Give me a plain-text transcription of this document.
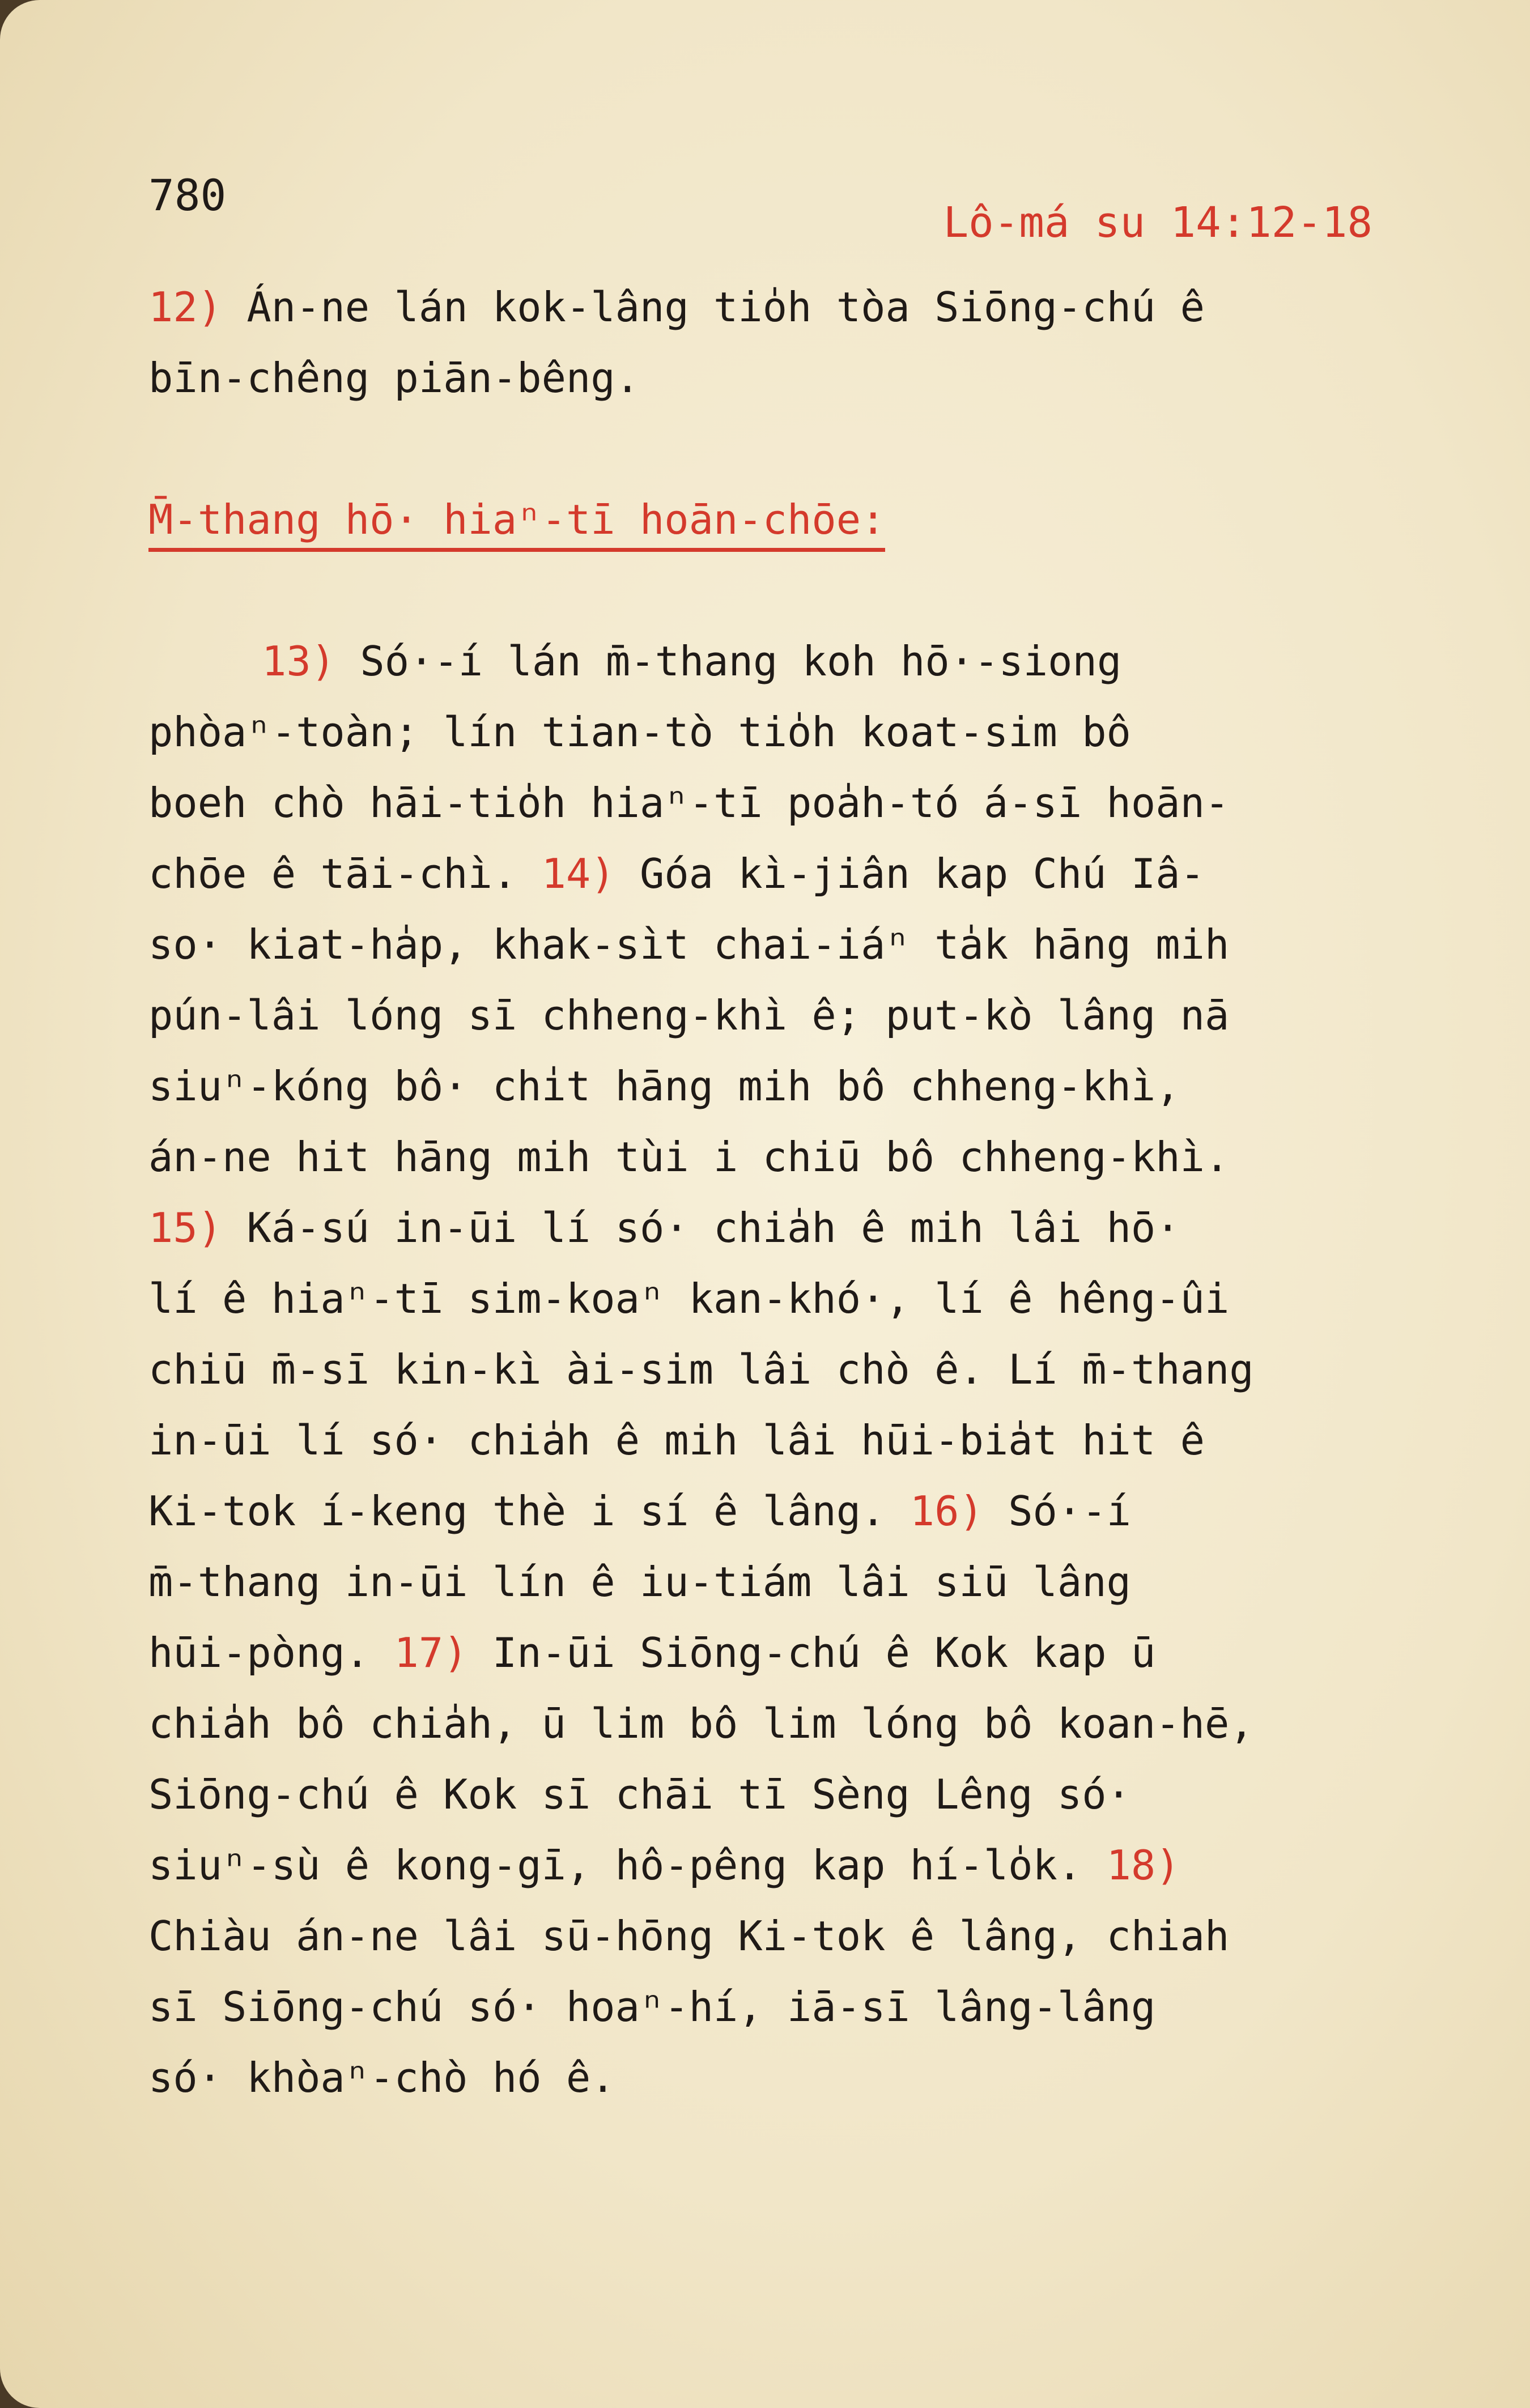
780
Lô-má su 14:12-18
12) Án-ne lán kok-lâng tio̍h tòa Siōng-chú ê
bīn-chêng piān-bêng.
M̄-thang hō· hiaⁿ-tī hoān-chōe:
13) Só·-í lán m̄-thang koh hō·-siong
phòaⁿ-toàn; lín tian-tò tio̍h koat-sim bô
boeh chò hāi-tio̍h hiaⁿ-tī poa̍h-tó á-sī hoān-
chōe ê tāi-chì. 14) Góa kì-jiân kap Chú Iâ-
so· kiat-ha̍p, khak-sìt chai-iáⁿ ta̍k hāng mih
pún-lâi lóng sī chheng-khì ê; put-kò lâng nā
siuⁿ-kóng bô· chi̍t hāng mih bô chheng-khì,
án-ne hit hāng mih tùi i chiū bô chheng-khì.
15) Ká-sú in-ūi lí só· chia̍h ê mih lâi hō·
lí ê hiaⁿ-tī sim-koaⁿ kan-khó·, lí ê hêng-ûi
chiū m̄-sī kin-kì ài-sim lâi chò ê. Lí m̄-thang
in-ūi lí só· chia̍h ê mih lâi hūi-bia̍t hit ê
Ki-tok í-keng thè i sí ê lâng. 16) Só·-í
m̄-thang in-ūi lín ê iu-tiám lâi siū lâng
hūi-pòng. 17) In-ūi Siōng-chú ê Kok kap ū
chia̍h bô chia̍h, ū lim bô lim lóng bô koan-hē,
Siōng-chú ê Kok sī chāi tī Sèng Lêng só·
siuⁿ-sù ê kong-gī, hô-pêng kap hí-lo̍k. 18)
Chiàu án-ne lâi sū-hōng Ki-tok ê lâng, chiah
sī Siōng-chú só· hoaⁿ-hí, iā-sī lâng-lâng
só· khòaⁿ-chò hó ê.
